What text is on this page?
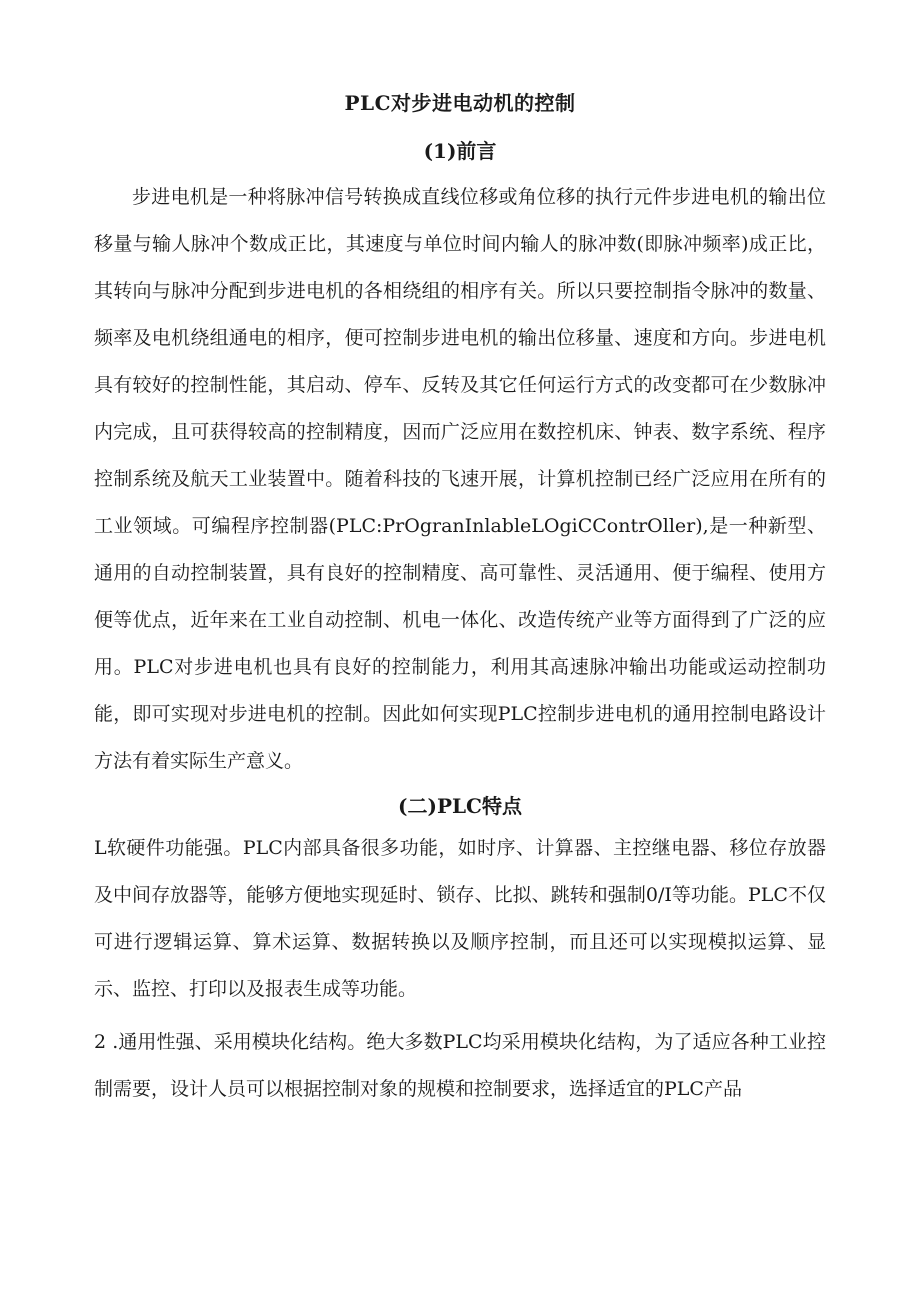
PLC对步进电动机的控制
(1)前言

步进电机是一种将脉冲信号转换成直线位移或角位移的执行元件步进电机的输出位移量与输人脉冲个数成正比，其速度与单位时间内输人的脉冲数(即脉冲频率)成正比，其转向与脉冲分配到步进电机的各相绕组的相序有关。所以只要控制指令脉冲的数量、频率及电机绕组通电的相序，便可控制步进电机的输出位移量、速度和方向。步进电机具有较好的控制性能，其启动、停车、反转及其它任何运行方式的改变都可在少数脉冲内完成，且可获得较高的控制精度，因而广泛应用在数控机床、钟表、数字系统、程序控制系统及航天工业装置中。随着科技的飞速开展，计算机控制已经广泛应用在所有的工业领域。可编程序控制器(PLC:PrOgranInlableLOgiCContrOller),是一种新型、通用的自动控制装置，具有良好的控制精度、高可靠性、灵活通用、便于编程、使用方便等优点，近年来在工业自动控制、机电一体化、改造传统产业等方面得到了广泛的应用。PLC对步进电机也具有良好的控制能力，利用其高速脉冲输出功能或运动控制功能，即可实现对步进电机的控制。因此如何实现PLC控制步进电机的通用控制电路设计方法有着实际生产意义。

(二)PLC特点

L软硬件功能强。PLC内部具备很多功能，如时序、计算器、主控继电器、移位存放器及中间存放器等，能够方便地实现延时、锁存、比拟、跳转和强制0/I等功能。PLC不仅可进行逻辑运算、算术运算、数据转换以及顺序控制，而且还可以实现模拟运算、显示、监控、打印以及报表生成等功能。

2 .通用性强、采用模块化结构。绝大多数PLC均采用模块化结构，为了适应各种工业控制需要，设计人员可以根据控制对象的规模和控制要求，选择适宜的PLC产品
